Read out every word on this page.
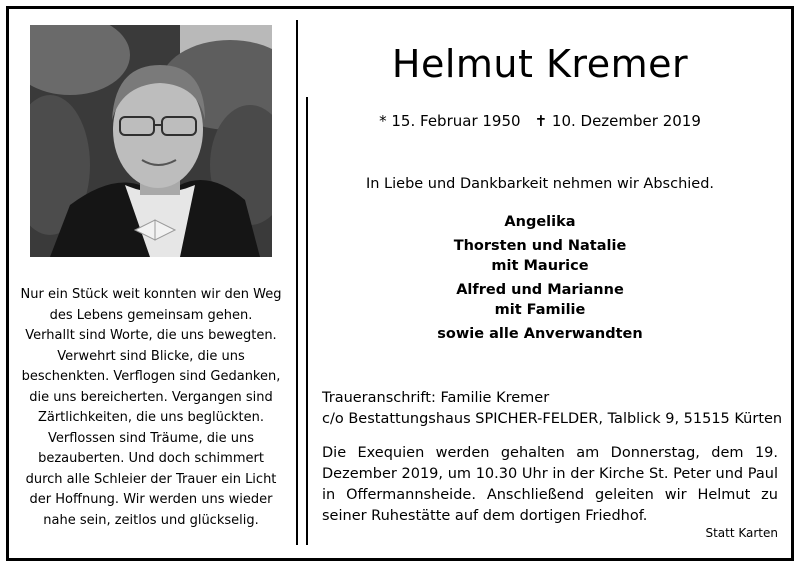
Nur ein Stück weit konnten wir den Weg
des Lebens gemeinsam gehen.
Verhallt sind Worte, die uns bewegten.
Verwehrt sind Blicke, die uns
beschenkten. Verflogen sind Gedanken,
die uns bereicherten. Vergangen sind
Zärtlichkeiten, die uns beglückten.
Verflossen sind Träume, die uns
bezauberten. Und doch schimmert
durch alle Schleier der Trauer ein Licht
der Hoffnung. Wir werden uns wieder
nahe sein, zeitlos und glückselig.
Helmut Kremer
* 15. Februar 1950 ✝ 10. Dezember 2019
In Liebe und Dankbarkeit nehmen wir Abschied.
Angelika
Thorsten und Natalie
mit Maurice
Alfred und Marianne
mit Familie
sowie alle Anverwandten
Traueranschrift: Familie Kremer
c/o Bestattungshaus SPICHER-FELDER, Talblick 9, 51515 Kürten
Die Exequien werden gehalten am Donnerstag, dem 19.
Dezember 2019, um 10.30 Uhr in der Kirche St. Peter und Paul
in Offermannsheide. Anschließend geleiten wir Helmut zu
seiner Ruhestätte auf dem dortigen Friedhof.
Statt Karten
